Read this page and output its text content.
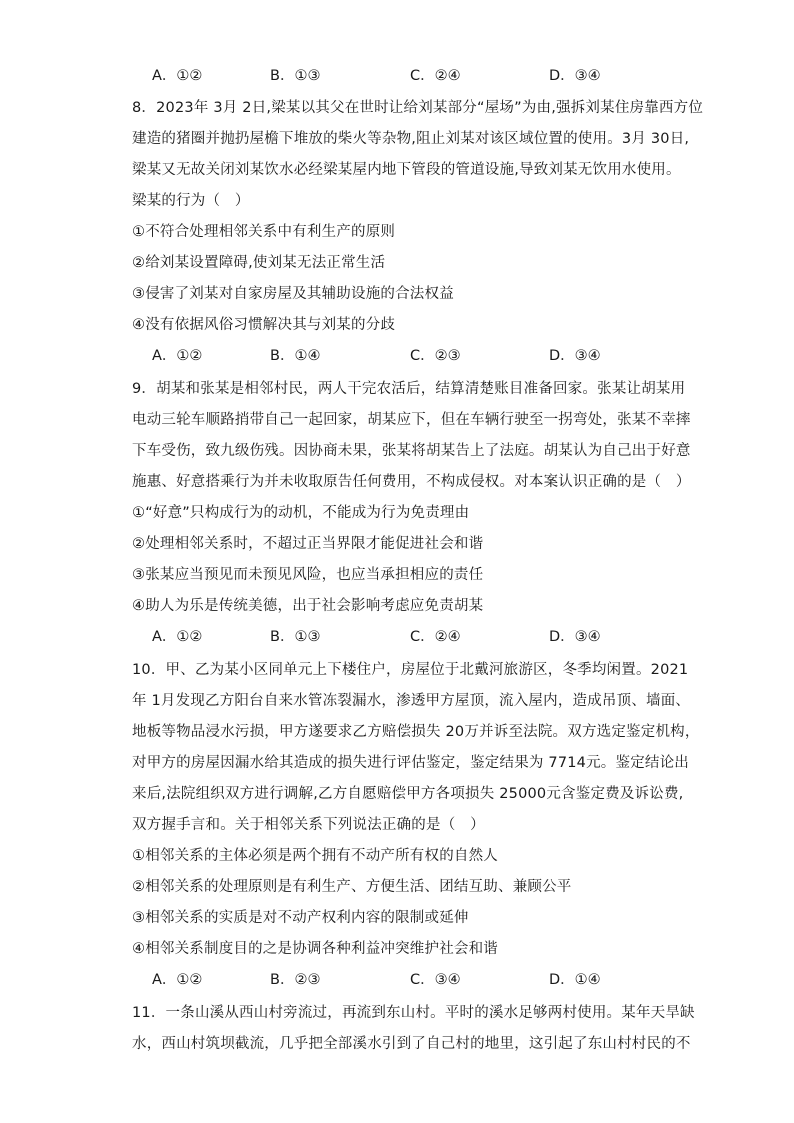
A．①②	B．①③	C．②④	D．③④
8．2023年 3月 2日,梁某以其父在世时让给刘某部分“屋场”为由,强拆刘某住房靠西方位
建造的猪圈并抛扔屋檐下堆放的柴火等杂物,阻止刘某对该区域位置的使用。3月 30日,
梁某又无故关闭刘某饮水必经梁某屋内地下管段的管道设施,导致刘某无饮用水使用。
梁某的行为（　）
①不符合处理相邻关系中有利生产的原则
②给刘某设置障碍,使刘某无法正常生活
③侵害了刘某对自家房屋及其辅助设施的合法权益
④没有依据风俗习惯解决其与刘某的分歧
A．①②	B．①④	C．②③	D．③④
9．胡某和张某是相邻村民，两人干完农活后，结算清楚账目准备回家。张某让胡某用
电动三轮车顺路捎带自己一起回家，胡某应下，但在车辆行驶至一拐弯处，张某不幸摔
下车受伤，致九级伤残。因协商未果，张某将胡某告上了法庭。胡某认为自己出于好意
施惠、好意搭乘行为并未收取原告任何费用，不构成侵权。对本案认识正确的是（　）
①“好意”只构成行为的动机，不能成为行为免责理由
②处理相邻关系时，不超过正当界限才能促进社会和谐
③张某应当预见而未预见风险，也应当承担相应的责任
④助人为乐是传统美德，出于社会影响考虑应免责胡某
A．①②	B．①③	C．②④	D．③④
10．甲、乙为某小区同单元上下楼住户，房屋位于北戴河旅游区，冬季均闲置。2021
年 1月发现乙方阳台自来水管冻裂漏水，渗透甲方屋顶，流入屋内，造成吊顶、墙面、
地板等物品浸水污损，甲方遂要求乙方赔偿损失 20万并诉至法院。双方选定鉴定机构，
对甲方的房屋因漏水给其造成的损失进行评估鉴定，鉴定结果为 7714元。鉴定结论出
来后,法院组织双方进行调解,乙方自愿赔偿甲方各项损失 25000元含鉴定费及诉讼费,
双方握手言和。关于相邻关系下列说法正确的是（　）
①相邻关系的主体必须是两个拥有不动产所有权的自然人
②相邻关系的处理原则是有利生产、方便生活、团结互助、兼顾公平
③相邻关系的实质是对不动产权利内容的限制或延伸
④相邻关系制度目的之是协调各种利益冲突维护社会和谐
A．①②	B．②③	C．③④	D．①④
11．一条山溪从西山村旁流过，再流到东山村。平时的溪水足够两村使用。某年天旱缺
水，西山村筑坝截流，几乎把全部溪水引到了自己村的地里，这引起了东山村村民的不
